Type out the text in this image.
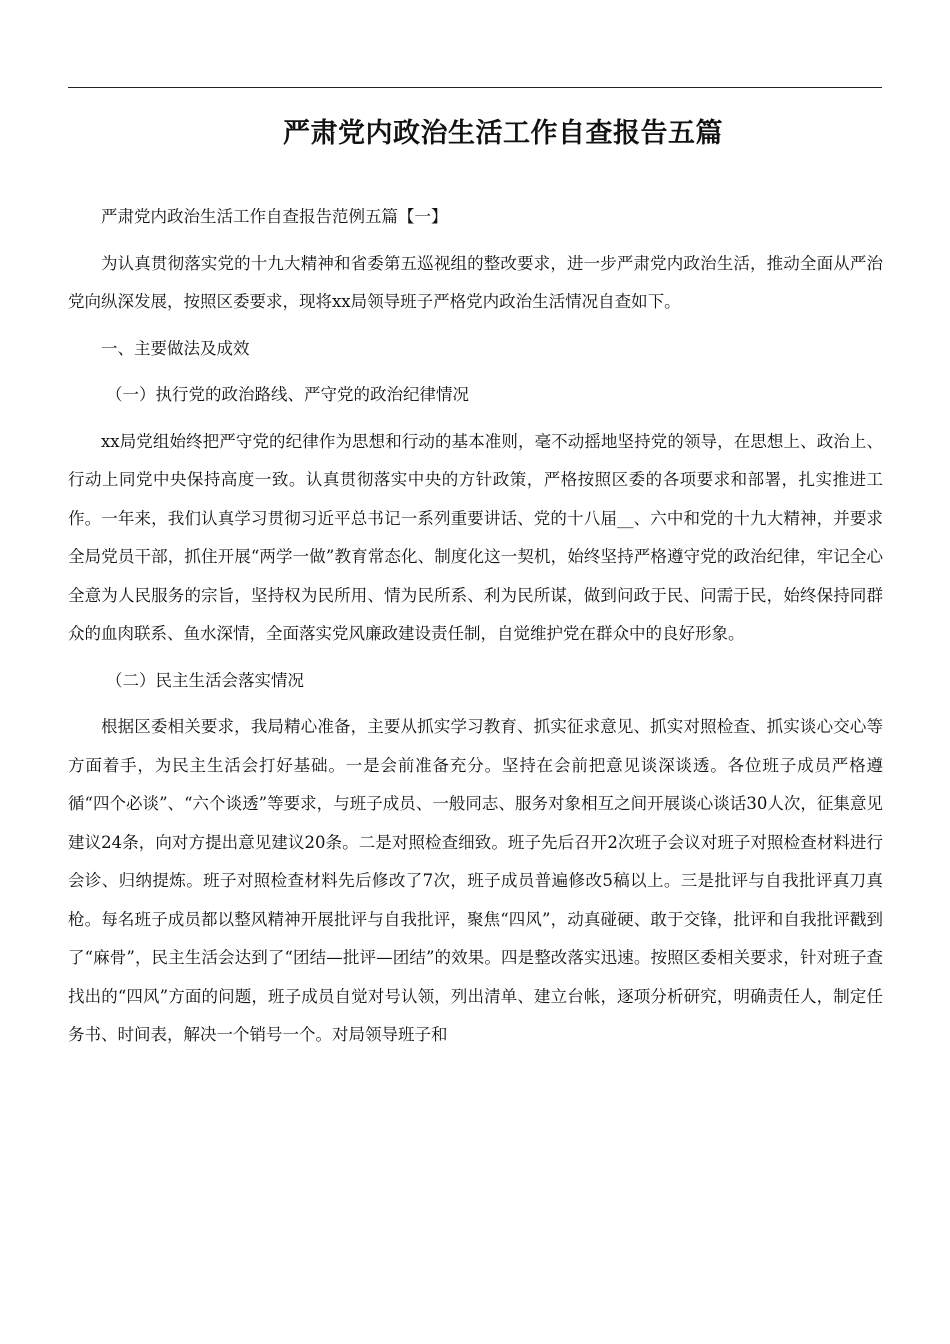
严肃党内政治生活工作自查报告五篇

严肃党内政治生活工作自查报告范例五篇【一】

为认真贯彻落实党的十九大精神和省委第五巡视组的整改要求，进一步严肃党内政治生活，推动全面从严治党向纵深发展，按照区委要求，现将xx局领导班子严格党内政治生活情况自查如下。

一、主要做法及成效

（一）执行党的政治路线、严守党的政治纪律情况

xx局党组始终把严守党的纪律作为思想和行动的基本准则，毫不动摇地坚持党的领导，在思想上、政治上、行动上同党中央保持高度一致。认真贯彻落实中央的方针政策，严格按照区委的各项要求和部署，扎实推进工作。一年来，我们认真学习贯彻习近平总书记一系列重要讲话、党的十八届__、六中和党的十九大精神，并要求全局党员干部，抓住开展“两学一做”教育常态化、制度化这一契机，始终坚持严格遵守党的政治纪律，牢记全心全意为人民服务的宗旨，坚持权为民所用、情为民所系、利为民所谋，做到问政于民、问需于民，始终保持同群众的血肉联系、鱼水深情，全面落实党风廉政建设责任制，自觉维护党在群众中的良好形象。

（二）民主生活会落实情况

根据区委相关要求，我局精心准备，主要从抓实学习教育、抓实征求意见、抓实对照检查、抓实谈心交心等方面着手，为民主生活会打好基础。一是会前准备充分。坚持在会前把意见谈深谈透。各位班子成员严格遵循“四个必谈”、“六个谈透”等要求，与班子成员、一般同志、服务对象相互之间开展谈心谈话30人次，征集意见建议24条，向对方提出意见建议20条。二是对照检查细致。班子先后召开2次班子会议对班子对照检查材料进行会诊、归纳提炼。班子对照检查材料先后修改了7次，班子成员普遍修改5稿以上。三是批评与自我批评真刀真枪。每名班子成员都以整风精神开展批评与自我批评，聚焦“四风”，动真碰硬、敢于交锋，批评和自我批评戳到了“麻骨”，民主生活会达到了“团结—批评—团结”的效果。四是整改落实迅速。按照区委相关要求，针对班子查找出的“四风”方面的问题，班子成员自觉对号认领，列出清单、建立台帐，逐项分析研究，明确责任人，制定任务书、时间表，解决一个销号一个。对局领导班子和
